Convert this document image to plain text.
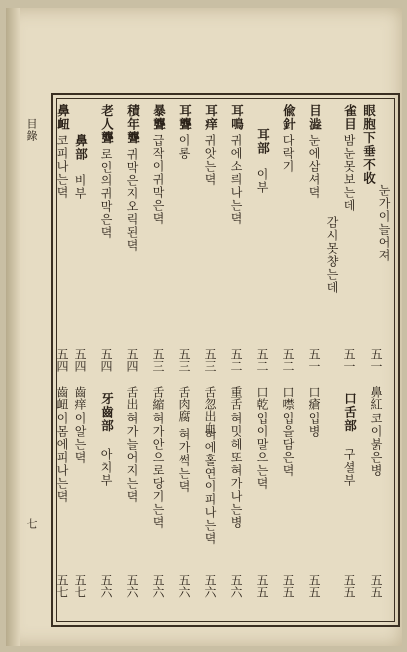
目錄
七
眼胞下垂不收
눈가이늘어져
五一 鼻紅
코이붉은병
五五
雀目
밤눈못보는데
감시못챵는데
五一
口舌部
구셜부
五五
目澁
눈에삼셔뎍
五一 口瘡
입병
五五
偸針
다락기
五二 口噤
입을담은뎍
五五
耳部
이부
五二 口乾
입이말으는뎍
五五
耳鳴
귀에소릐나는뎍
五二 重舌
혀밋헤또혀가나는병
五六
耳痒
귀앗는뎍
五三 舌忽出血
혀에홀연이피나는뎍
五六
耳聾
이롱
五三 舌肉腐
혀가썩는뎍
五六
暴聾
급작이귀막은뎍
五三 舌縮
혀가안으로당기는뎍
五六
積年聾
귀막은지오릭된뎍
五四 舌出
혀가늘어지는뎍
五六
老人聾
로인의귀막은뎍
五四
牙齒部
아치부
五六
鼻部
비부
五四 齒痒
이알는뎍
五七
鼻衄
코피나는뎍
五四 齒衄
이몸에피나는뎍
五七
